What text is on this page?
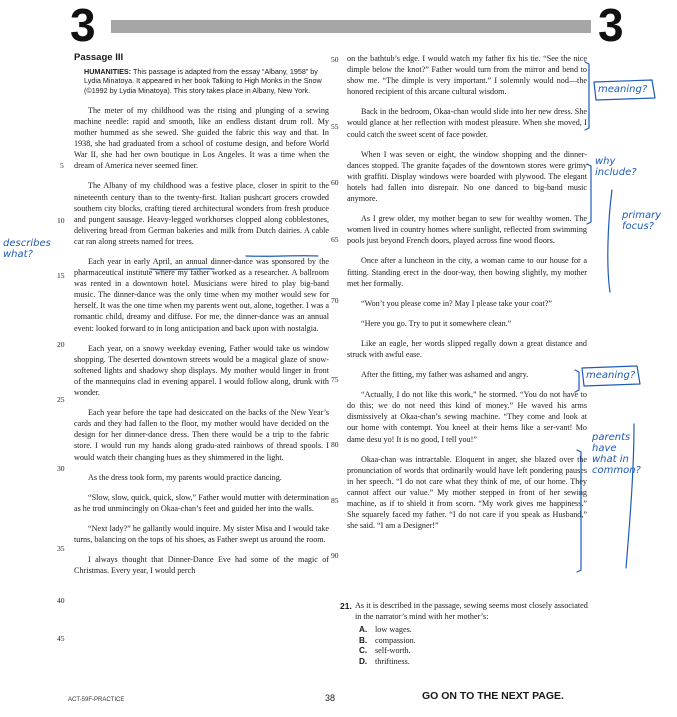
3	3
Passage III
HUMANITIES: This passage is adapted from the essay “Albany, 1958” by Lydia Minatoya. It appeared in her book Talking to High Monks in the Snow (©1992 by Lydia Minatoya). This story takes place in Albany, New York.

The meter of my childhood was the rising and plunging of a sewing machine needle: rapid and smooth, like an endless distant drum roll. My mother hummed as she sewed. She guided the fabric this way and that. In 1938, she had graduated from a school of costume design, and before World War II, she had her own boutique in Los Angeles. It was a time when the dream of America never seemed finer.

The Albany of my childhood was a festive place, closer in spirit to the nineteenth century than to the twenty-first. Italian pushcart grocers crowded southern city blocks, crafting tiered architectural wonders from fresh produce and pungent sausage. Heavy-legged workhorses clopped along cobblestones, delivering bread from German bakeries and milk from Dutch dairies. A cable car ran along streets named for trees.

Each year in early April, an annual dinner-dance was sponsored by the pharmaceutical institute where my father worked as a researcher. A ballroom was rented in a downtown hotel. Musicians were hired to play big-band music. The dinner-dance was the only time when my mother would sew for herself. It was the one time when my parents went out, alone, together. I was a romantic child, dreamy and diffuse. For me, the dinner-dance was an annual event: looked forward to in long anticipation and back upon with nostalgia.

Each year, on a snowy weekday evening, Father would take us window shopping. The deserted downtown streets would be a magical glaze of snow-softened lights and shadowy shop displays. My mother would linger in front of the mannequins clad in evening apparel. I would follow along, drunk with wonder.

Each year before the tape had desiccated on the backs of the New Year’s cards and they had fallen to the floor, my mother would have decided on the design for her dinner-dance dress. Then there would be a trip to the fabric store. I would run my hands along gradu-ated rainbows of thread spools. I would watch their changing hues as they shimmered in the light.

As the dress took form, my parents would practice dancing.

“Slow, slow, quick, quick, slow,” Father would mutter with determination as he trod unmincingly on Okaa-chan’s feet and guided her into the walls.

“Next lady?” he gallantly would inquire. My sister Misa and I would take turns, balancing on the tops of his shoes, as Father swept us around the room.

I always thought that Dinner-Dance Eve had some of the magic of Christmas. Every year, I would perch

on the bathtub’s edge. I would watch my father fix his tie. “See the nice dimple below the knot?” Father would turn from the mirror and bend to show me. “The dimple is very important.” I solemnly would nod—the honored recipient of this arcane cultural wisdom.

Back in the bedroom, Okaa-chan would slide into her new dress. She would glance at her reflection with modest pleasure. When she moved, I could catch the sweet scent of face powder.

When I was seven or eight, the window shopping and the dinner-dances stopped. The granite façades of the downtown stores were grimy with graffiti. Display windows were boarded with plywood. The elegant hotels had fallen into disrepair. No one danced to big-band music anymore.

As I grew older, my mother began to sew for wealthy women. The women lived in country homes where sunlight, reflected from swimming pools just beyond French doors, played across fine wood floors.

Once after a luncheon in the city, a woman came to our house for a fitting. Standing erect in the door-way, then bowing slightly, my mother met her formally.

“Won’t you please come in? May I please take your coat?”

“Here you go. Try to put it somewhere clean.”

Like an eagle, her words slipped regally down a great distance and struck with awful ease.

After the fitting, my father was ashamed and angry.

“Actually, I do not like this work,” he stormed. “You do not have to do this; we do not need this kind of money.” He waved his arms dismissively at Okaa-chan’s sewing machine. “They come and look at our home with contempt. You kneel at their hems like a ser-vant! Mo dame desu yo! It is no good, I tell you!”

Okaa-chan was intractable. Eloquent in anger, she blazed over the pronunciation of words that ordinarily would have left pondering pauses in her speech. “I do not care what they think of me, of our home. They cannot affect our value.” My mother stepped in front of her sewing machine, as if to shield it from scorn. “My work gives me happiness.” She squarely faced my father. “I do not care if you speak as Husband,” she said. “I am a Designer!”

5
10
15
20
25
30
35
40
45
50
55
60
65
70
75
80
85
90
21. As it is described in the passage, sewing seems most closely associated in the narrator’s mind with her mother’s:
A. low wages.
B. compassion.
C. self-worth.
D. thriftiness.
ACT-59F-PRACTICE	38	GO ON TO THE NEXT PAGE.
describes what?
meaning?
why include?
primary focus?
meaning?
parents have what in common?
